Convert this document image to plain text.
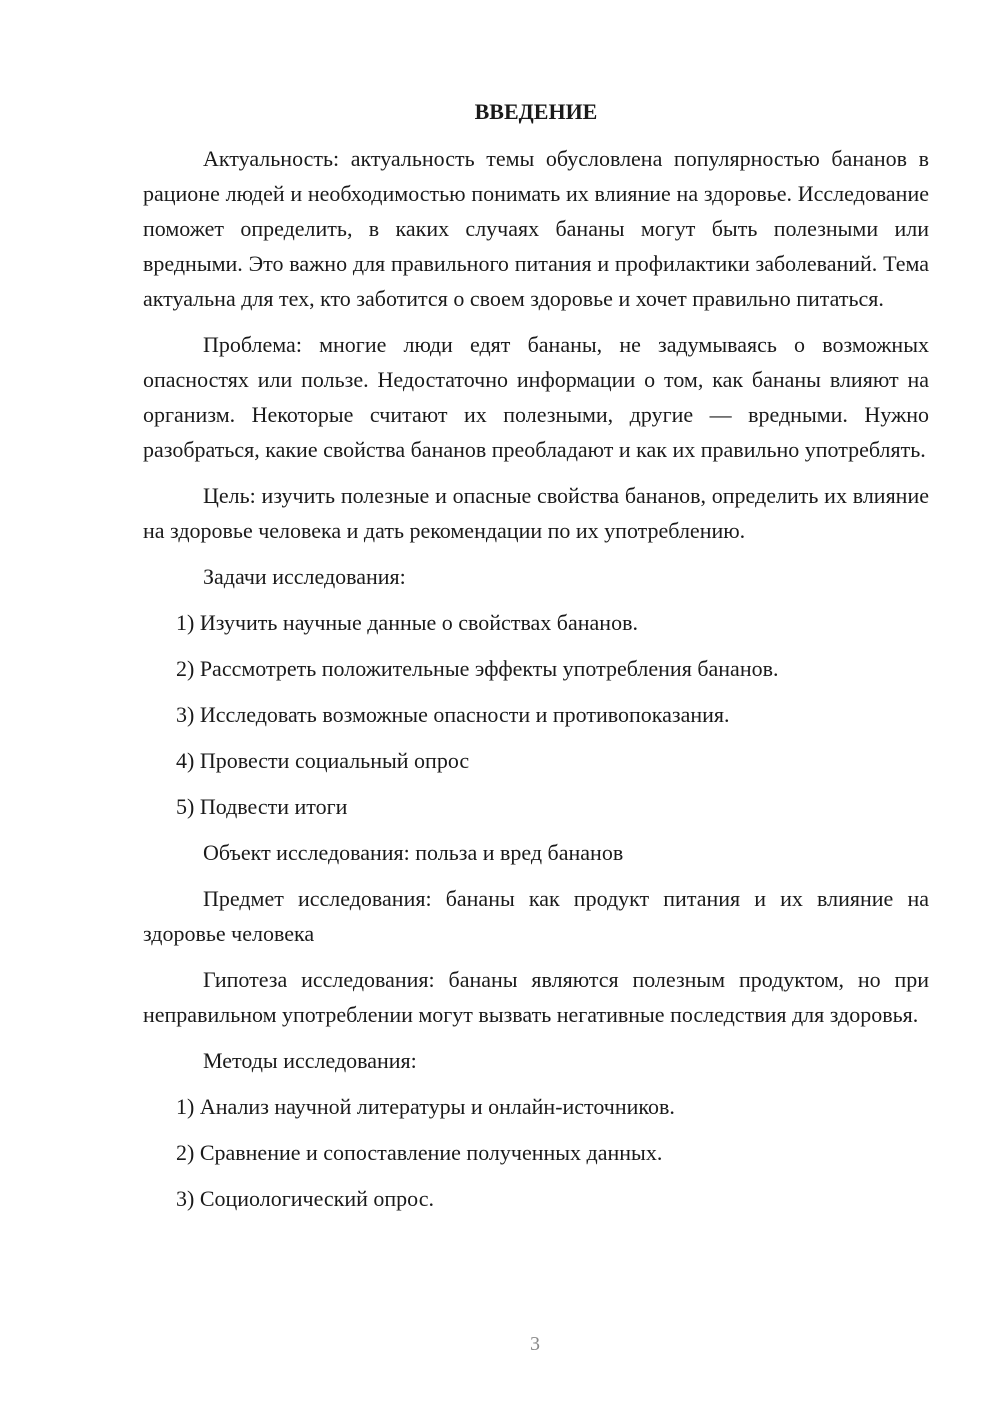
ВВЕДЕНИЕ

Актуальность: актуальность темы обусловлена популярностью бананов в рационе людей и необходимостью понимать их влияние на здоровье. Исследование поможет определить, в каких случаях бананы могут быть полезными или вредными. Это важно для правильного питания и профилактики заболеваний. Тема актуальна для тех, кто заботится о своем здоровье и хочет правильно питаться.

Проблема: многие люди едят бананы, не задумываясь о возможных опасностях или пользе. Недостаточно информации о том, как бананы влияют на организм. Некоторые считают их полезными, другие — вредными. Нужно разобраться, какие свойства бананов преобладают и как их правильно употреблять.

Цель: изучить полезные и опасные свойства бананов, определить их влияние на здоровье человека и дать рекомендации по их употреблению.

Задачи исследования:

1) Изучить научные данные о свойствах бананов.

2) Рассмотреть положительные эффекты употребления бананов.

3) Исследовать возможные опасности и противопоказания.

4) Провести социальный опрос

5) Подвести итоги

Объект исследования: польза и вред бананов

Предмет исследования: бананы как продукт питания и их влияние на здоровье человека

Гипотеза исследования: бананы являются полезным продуктом, но при неправильном употреблении могут вызвать негативные последствия для здоровья.

Методы исследования:

1) Анализ научной литературы и онлайн-источников.

2) Сравнение и сопоставление полученных данных.

3) Социологический опрос.

3
